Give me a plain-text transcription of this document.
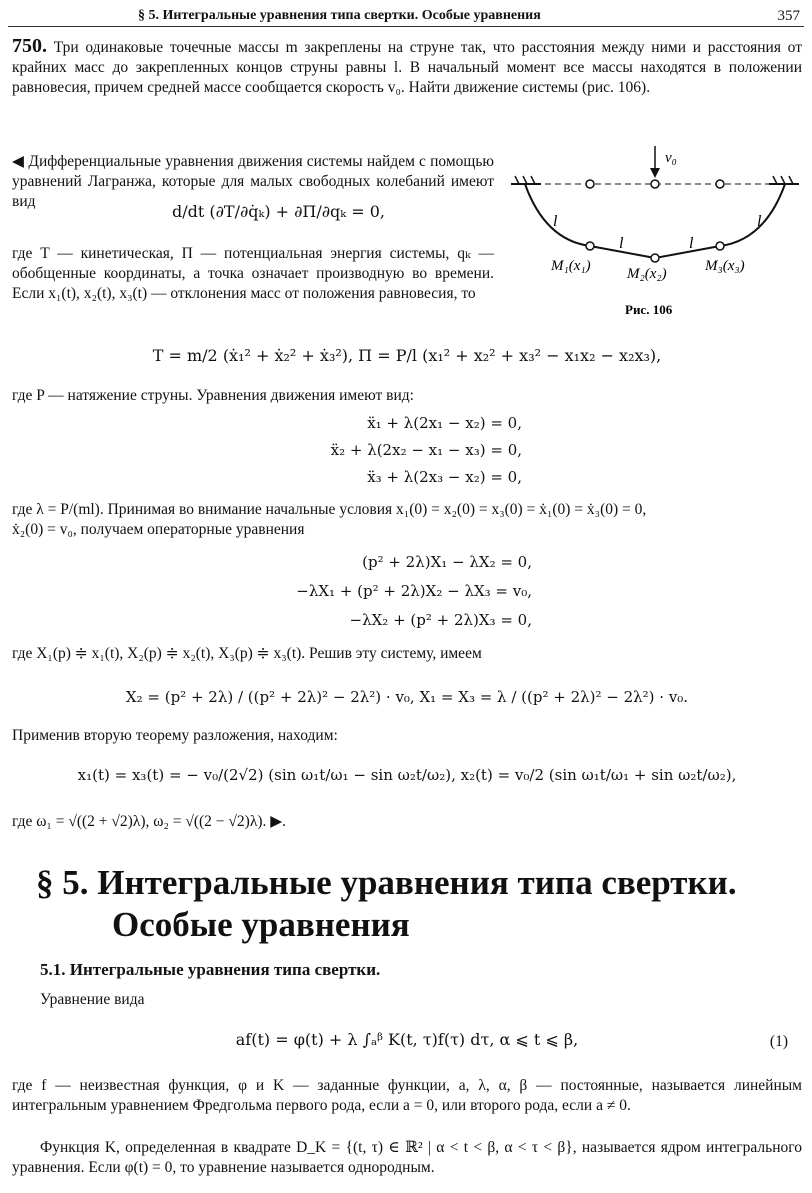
§ 5. Интегральные уравнения типа свертки. Особые уравнения	357
750. Три одинаковые точечные массы m закреплены на струне так, что расстояния между ними и расстояния от крайних масс до закрепленных концов струны равны l. В начальный момент все массы находятся в положении равновесия, причем средней массе сообщается скорость v₀. Найти движение системы (рис. 106).
◀ Дифференциальные уравнения движения системы найдем с помощью уравнений Лагранжа, которые для малых свободных колебаний имеют вид
d/dt (∂T/∂q̇ₖ) + ∂П/∂qₖ = 0,
где T — кинетическая, П — потенциальная энергия системы, qₖ — обобщенные координаты, а точка означает производную во времени. Если x₁(t), x₂(t), x₃(t) — отклонения масс от положения равновесия, то
v₀
l
l	l
l
M₁(x₁) M₂(x₂)	M₃(x₃)
Рис. 106
T = m/2 (ẋ₁² + ẋ₂² + ẋ₃²), П = P/l (x₁² + x₂² + x₃² − x₁x₂ − x₂x₃),
где P — натяжение струны. Уравнения движения имеют вид:
ẍ₁ + λ(2x₁ − x₂) = 0,
ẍ₂ + λ(2x₂ − x₁ − x₃) = 0,
ẍ₃ + λ(2x₃ − x₂) = 0,
где λ = P/(ml). Принимая во внимание начальные условия x₁(0) = x₂(0) = x₃(0) = ẋ₁(0) = ẋ₃(0) = 0,
ẋ₂(0) = v₀, получаем операторные уравнения
(p² + 2λ)X₁ − λX₂ = 0,
−λX₁ + (p² + 2λ)X₂ − λX₃ = v₀,
−λX₂ + (p² + 2λ)X₃ = 0,
где X₁(p) ≑ x₁(t), X₂(p) ≑ x₂(t), X₃(p) ≑ x₃(t). Решив эту систему, имеем
X₂ = (p² + 2λ) / ((p² + 2λ)² − 2λ²) · v₀, X₁ = X₃ = λ / ((p² + 2λ)² − 2λ²) · v₀.
Применив вторую теорему разложения, находим:
x₁(t) = x₃(t) = − v₀/(2√2) (sin ω₁t/ω₁ − sin ω₂t/ω₂), x₂(t) = v₀/2 (sin ω₁t/ω₁ + sin ω₂t/ω₂),
где ω₁ = √((2 + √2)λ), ω₂ = √((2 − √2)λ). ▶.
§ 5. Интегральные уравнения типа свертки.
Особые уравнения
5.1. Интегральные уравнения типа свертки.
Уравнение вида
af(t) = φ(t) + λ ∫ₐᵝ K(t, τ)f(τ) dτ, α ⩽ t ⩽ β,	(1)
где f — неизвестная функция, φ и K — заданные функции, a, λ, α, β — постоянные, называется линейным интегральным уравнением Фредгольма первого рода, если a = 0, или второго рода, если a ≠ 0.
Функция K, определенная в квадрате D_K = {(t, τ) ∈ ℝ² | α < t < β, α < τ < β}, называется ядром интегрального уравнения. Если φ(t) = 0, то уравнение называется однородным.
